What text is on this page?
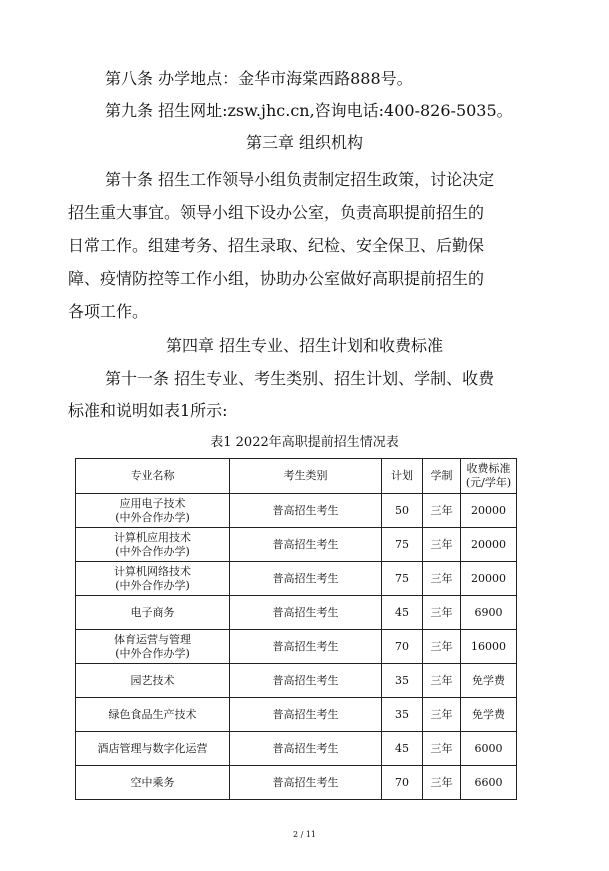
第八条 办学地点：金华市海棠西路888号。
第九条 招生网址:zsw.jhc.cn,咨询电话:400-826-5035。
第三章 组织机构
第十条 招生工作领导小组负责制定招生政策，讨论决定
招生重大事宜。领导小组下设办公室，负责高职提前招生的
日常工作。组建考务、招生录取、纪检、安全保卫、后勤保
障、疫情防控等工作小组，协助办公室做好高职提前招生的
各项工作。
第四章 招生专业、招生计划和收费标准
第十一条 招生专业、考生类别、招生计划、学制、收费
标准和说明如表1所示:
表1 2022年高职提前招生情况表
专业名称	考生类别	计划	学制	收费标准
(元/学年)

应用电子技术
(中外合作办学)	普高招生考生	50	三年	20000

计算机应用技术
(中外合作办学)	普高招生考生	75	三年	20000

计算机网络技术
(中外合作办学)	普高招生考生	75	三年	20000

电子商务	普高招生考生	45	三年	6900

体育运营与管理
(中外合作办学)	普高招生考生	70	三年	16000

园艺技术	普高招生考生	35	三年	免学费

绿色食品生产技术	普高招生考生	35	三年	免学费

酒店管理与数字化运营	普高招生考生	45	三年	6000

空中乘务	普高招生考生	70	三年	6600
2 / 11
